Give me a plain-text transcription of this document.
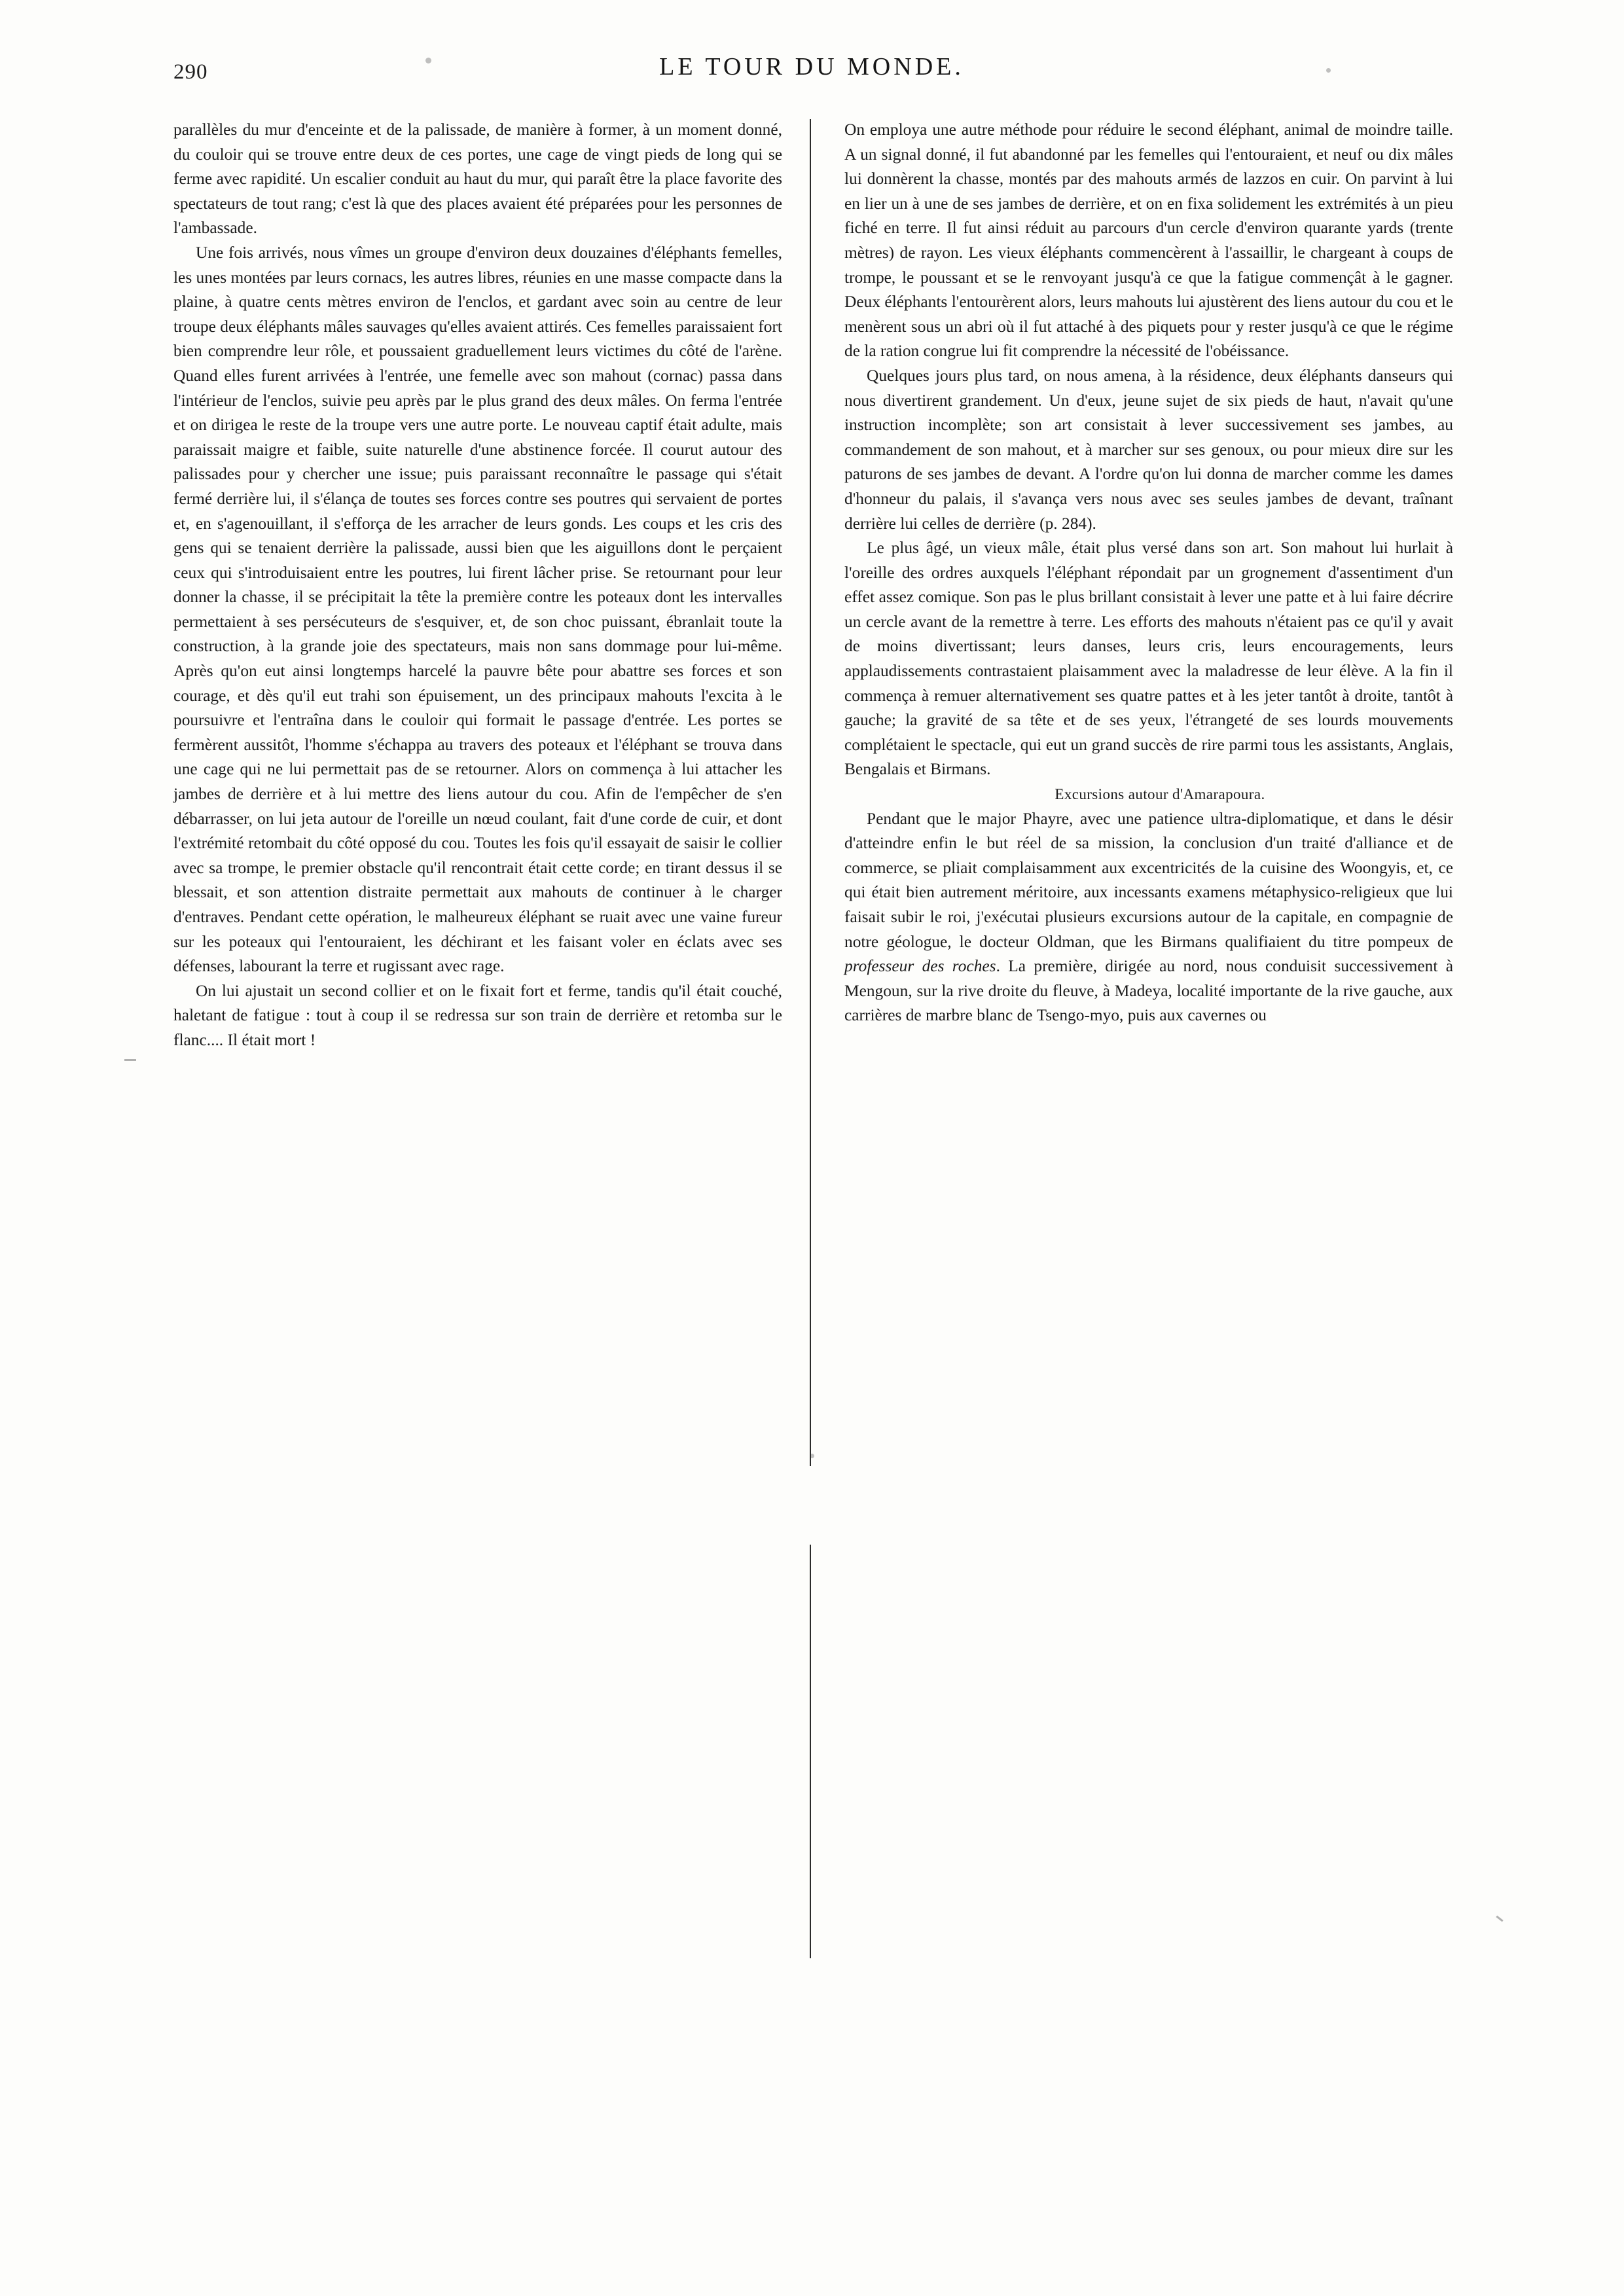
LE TOUR DU MONDE.
290

parallèles du mur d'enceinte et de la palissade, de manière à former, à un moment donné, du couloir qui se trouve entre deux de ces portes, une cage de vingt pieds de long qui se ferme avec rapidité. Un escalier conduit au haut du mur, qui paraît être la place favorite des spectateurs de tout rang; c'est là que des places avaient été préparées pour les personnes de l'ambassade.

Une fois arrivés, nous vîmes un groupe d'environ deux douzaines d'éléphants femelles, les unes montées par leurs cornacs, les autres libres, réunies en une masse compacte dans la plaine, à quatre cents mètres environ de l'enclos, et gardant avec soin au centre de leur troupe deux éléphants mâles sauvages qu'elles avaient attirés. Ces femelles paraissaient fort bien comprendre leur rôle, et poussaient graduellement leurs victimes du côté de l'arène. Quand elles furent arrivées à l'entrée, une femelle avec son mahout (cornac) passa dans l'intérieur de l'enclos, suivie peu après par le plus grand des deux mâles. On ferma l'entrée et on dirigea le reste de la troupe vers une autre porte. Le nouveau captif était adulte, mais paraissait maigre et faible, suite naturelle d'une abstinence forcée. Il courut autour des palissades pour y chercher une issue; puis paraissant reconnaître le passage qui s'était fermé derrière lui, il s'élança de toutes ses forces contre ses poutres qui servaient de portes et, en s'agenouillant, il s'efforça de les arracher de leurs gonds. Les coups et les cris des gens qui se tenaient derrière la palissade, aussi bien que les aiguillons dont le perçaient ceux qui s'introduisaient entre les poutres, lui firent lâcher prise. Se retournant pour leur donner la chasse, il se précipitait la tête la première contre les poteaux dont les intervalles permettaient à ses persécuteurs de s'esquiver, et, de son choc puissant, ébranlait toute la construction, à la grande joie des spectateurs, mais non sans dommage pour lui-même. Après qu'on eut ainsi longtemps harcelé la pauvre bête pour abattre ses forces et son courage, et dès qu'il eut trahi son épuisement, un des principaux mahouts l'excita à le poursuivre et l'entraîna dans le couloir qui formait le passage d'entrée. Les portes se fermèrent aussitôt, l'homme s'échappa au travers des poteaux et l'éléphant se trouva dans une cage qui ne lui permettait pas de se retourner. Alors on commença à lui attacher les jambes de derrière et à lui mettre des liens autour du cou. Afin de l'empêcher de s'en débarrasser, on lui jeta autour de l'oreille un nœud coulant, fait d'une corde de cuir, et dont l'extrémité retombait du côté opposé du cou. Toutes les fois qu'il essayait de saisir le collier avec sa trompe, le premier obstacle qu'il rencontrait était cette corde; en tirant dessus il se blessait, et son attention distraite permettait aux mahouts de continuer à le charger d'entraves. Pendant cette opération, le malheureux éléphant se ruait avec une vaine fureur sur les poteaux qui l'entouraient, les déchirant et les faisant voler en éclats avec ses défenses, labourant la terre et rugissant avec rage.

On lui ajustait un second collier et on le fixait fort et ferme, tandis qu'il était couché, haletant de fatigue : tout à coup il se redressa sur son train de derrière et retomba sur le flanc.... Il était mort !

On employa une autre méthode pour réduire le second éléphant, animal de moindre taille. A un signal donné, il fut abandonné par les femelles qui l'entouraient, et neuf ou dix mâles lui donnèrent la chasse, montés par des mahouts armés de lazzos en cuir. On parvint à lui en lier un à une de ses jambes de derrière, et on en fixa solidement les extrémités à un pieu fiché en terre. Il fut ainsi réduit au parcours d'un cercle d'environ quarante yards (trente mètres) de rayon. Les vieux éléphants commencèrent à l'assaillir, le chargeant à coups de trompe, le poussant et se le renvoyant jusqu'à ce que la fatigue commençât à le gagner. Deux éléphants l'entourèrent alors, leurs mahouts lui ajustèrent des liens autour du cou et le menèrent sous un abri où il fut attaché à des piquets pour y rester jusqu'à ce que le régime de la ration congrue lui fit comprendre la nécessité de l'obéissance.

Quelques jours plus tard, on nous amena, à la résidence, deux éléphants danseurs qui nous divertirent grandement. Un d'eux, jeune sujet de six pieds de haut, n'avait qu'une instruction incomplète; son art consistait à lever successivement ses jambes, au commandement de son mahout, et à marcher sur ses genoux, ou pour mieux dire sur les paturons de ses jambes de devant. A l'ordre qu'on lui donna de marcher comme les dames d'honneur du palais, il s'avança vers nous avec ses seules jambes de devant, traînant derrière lui celles de derrière (p. 284).

Le plus âgé, un vieux mâle, était plus versé dans son art. Son mahout lui hurlait à l'oreille des ordres auxquels l'éléphant répondait par un grognement d'assentiment d'un effet assez comique. Son pas le plus brillant consistait à lever une patte et à lui faire décrire un cercle avant de la remettre à terre. Les efforts des mahouts n'étaient pas ce qu'il y avait de moins divertissant; leurs danses, leurs cris, leurs encouragements, leurs applaudissements contrastaient plaisamment avec la maladresse de leur élève. A la fin il commença à remuer alternativement ses quatre pattes et à les jeter tantôt à droite, tantôt à gauche; la gravité de sa tête et de ses yeux, l'étrangeté de ses lourds mouvements complétaient le spectacle, qui eut un grand succès de rire parmi tous les assistants, Anglais, Bengalais et Birmans.

Excursions autour d'Amarapoura.

Pendant que le major Phayre, avec une patience ultra-diplomatique, et dans le désir d'atteindre enfin le but réel de sa mission, la conclusion d'un traité d'alliance et de commerce, se pliait complaisamment aux excentricités de la cuisine des Woongyis, et, ce qui était bien autrement méritoire, aux incessants examens métaphysico-religieux que lui faisait subir le roi, j'exécutai plusieurs excursions autour de la capitale, en compagnie de notre géologue, le docteur Oldman, que les Birmans qualifiaient du titre pompeux de professeur des roches. La première, dirigée au nord, nous conduisit successivement à Mengoun, sur la rive droite du fleuve, à Madeya, localité importante de la rive gauche, aux carrières de marbre blanc de Tsengo-myo, puis aux cavernes ou
